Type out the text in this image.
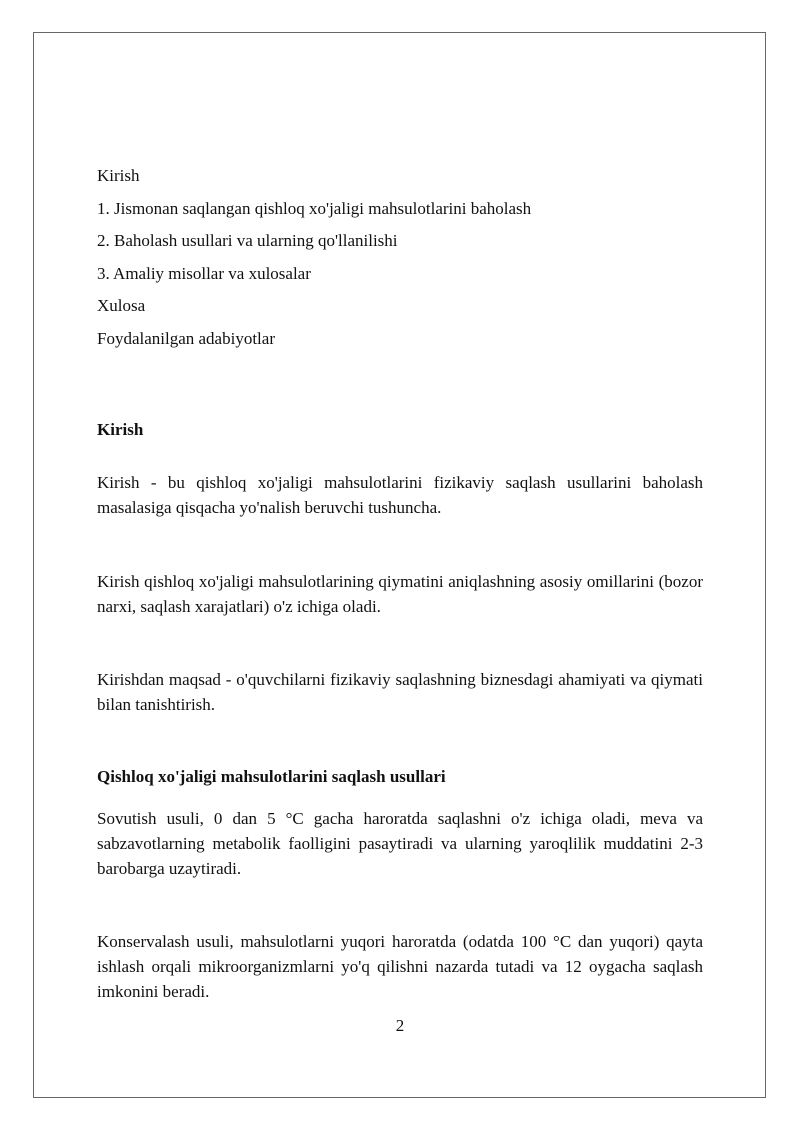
Kirish
1. Jismonan saqlangan qishloq xo'jaligi mahsulotlarini baholash
2. Baholash usullari va ularning qo'llanilishi
3. Amaliy misollar va xulosalar
Xulosa
Foydalanilgan adabiyotlar
Kirish
Kirish - bu qishloq xo'jaligi mahsulotlarini fizikaviy saqlash usullarini baholash masalasiga qisqacha yo'nalish beruvchi tushuncha.
Kirish qishloq xo'jaligi mahsulotlarining qiymatini aniqlashning asosiy omillarini (bozor narxi, saqlash xarajatlari) o'z ichiga oladi.
Kirishdan maqsad - o'quvchilarni fizikaviy saqlashning biznesdagi ahamiyati va qiymati bilan tanishtirish.
Qishloq xo'jaligi mahsulotlarini saqlash usullari
Sovutish usuli, 0 dan 5 °C gacha haroratda saqlashni o'z ichiga oladi, meva va sabzavotlarning metabolik faolligini pasaytiradi va ularning yaroqlilik muddatini 2-3 barobarga uzaytiradi.
Konservalash usuli, mahsulotlarni yuqori haroratda (odatda 100 °C dan yuqori) qayta ishlash orqali mikroorganizmlarni yo'q qilishni nazarda tutadi va 12 oygacha saqlash imkonini beradi.
2
